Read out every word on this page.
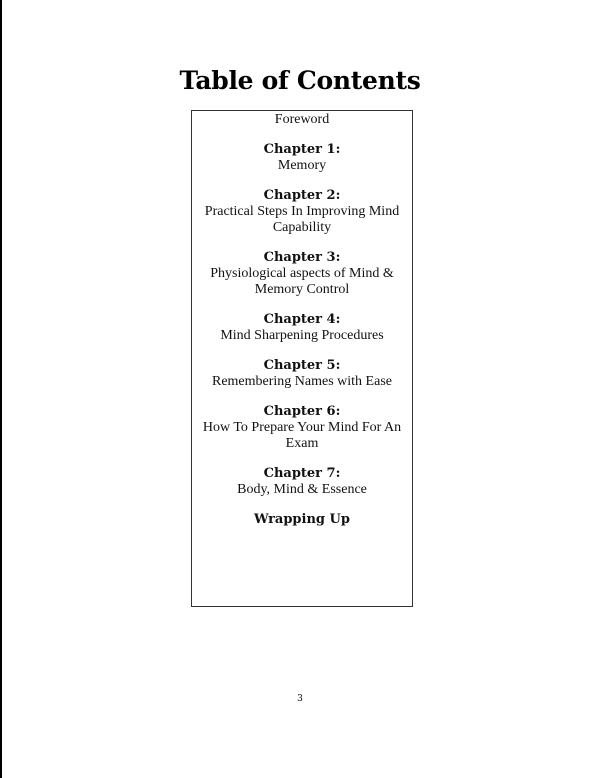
Table of Contents
Foreword
Chapter 1:
Memory
Chapter 2:
Practical Steps In Improving Mind Capability
Chapter 3:
Physiological aspects of Mind & Memory Control
Chapter 4:
Mind Sharpening Procedures
Chapter 5:
Remembering Names with Ease
Chapter 6:
How To Prepare Your Mind For An Exam
Chapter 7:
Body, Mind & Essence
Wrapping Up
3
